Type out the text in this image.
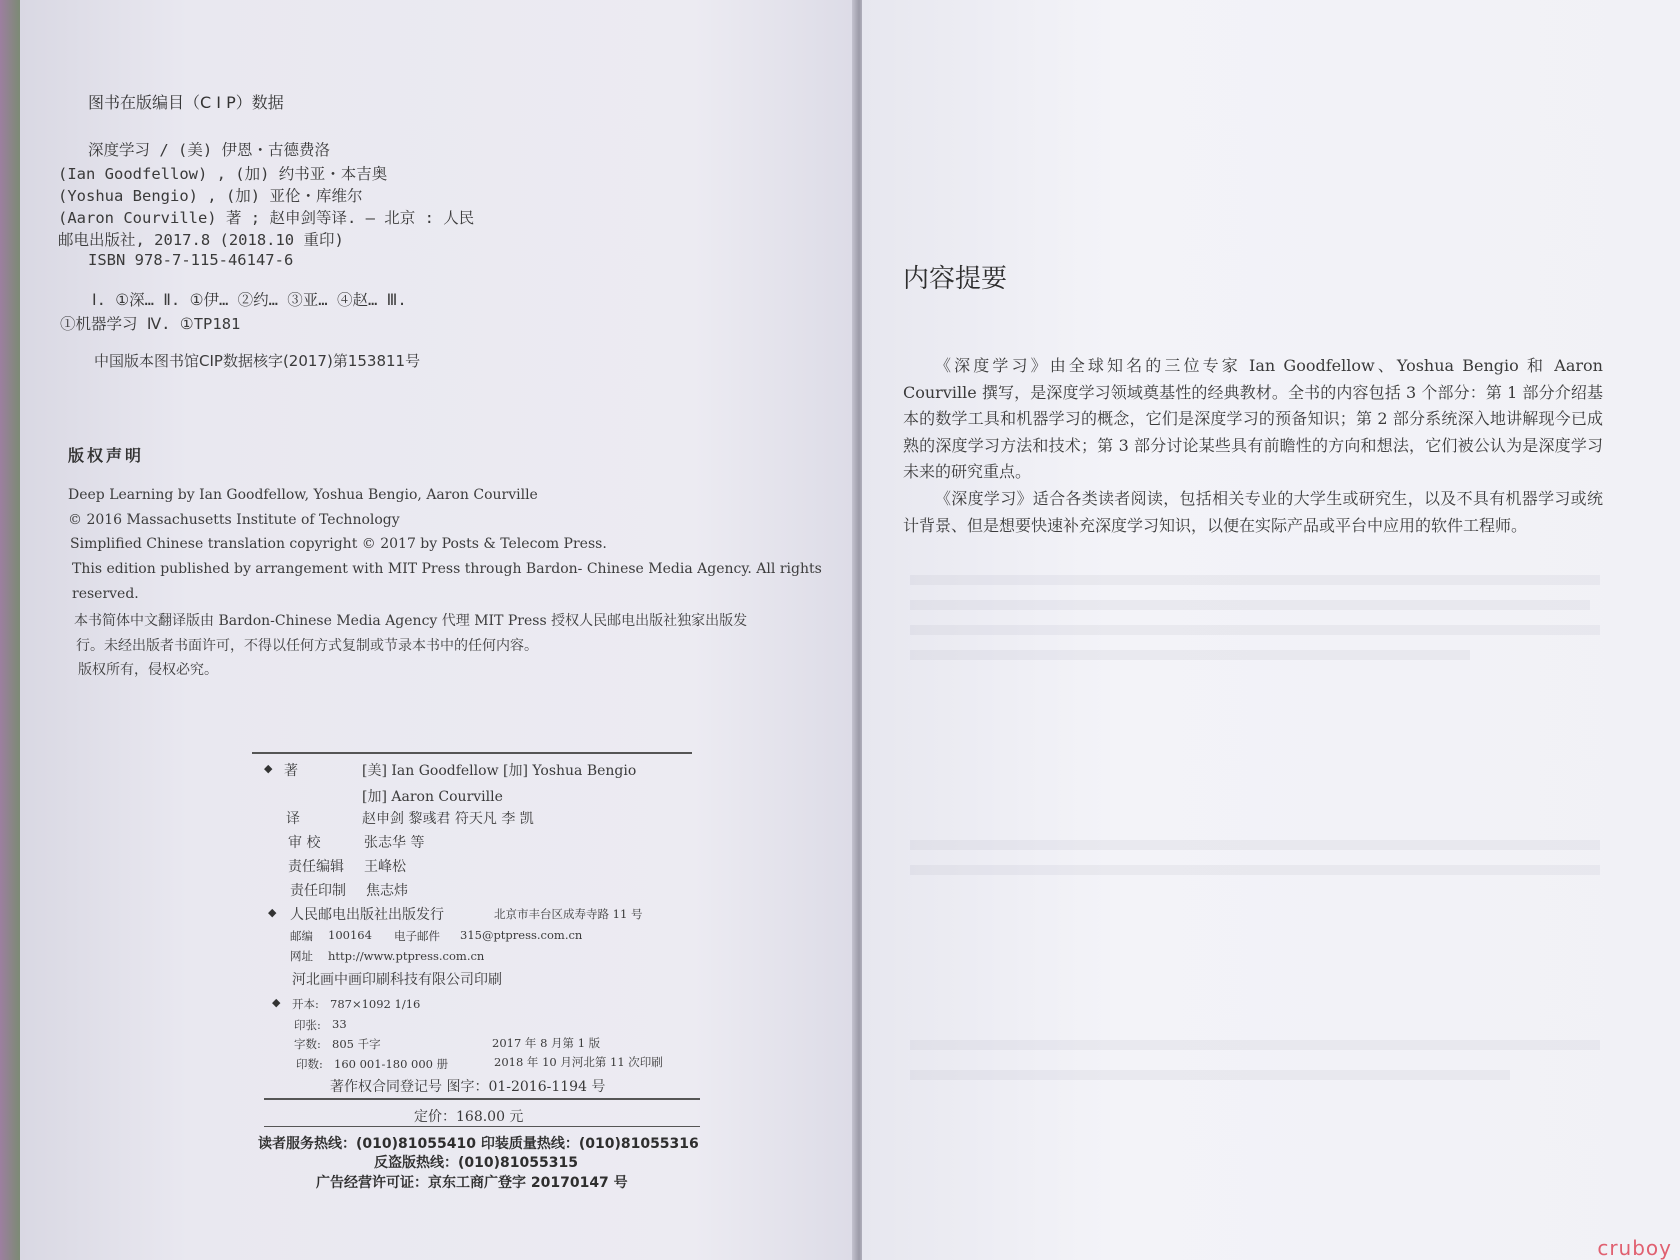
图书在版编目（C I P）数据

深度学习 / (美) 伊恩・古德费洛

(Ian Goodfellow) , (加) 约书亚・本吉奥

(Yoshua Bengio) , (加) 亚伦・库维尔

(Aaron Courville) 著 ; 赵申剑等译. — 北京 : 人民

邮电出版社, 2017.8 (2018.10 重印)

ISBN 978-7-115-46147-6

Ⅰ. ①深… Ⅱ. ①伊… ②约… ③亚… ④赵… Ⅲ.

①机器学习 Ⅳ. ①TP181

中国版本图书馆CIP数据核字(2017)第153811号

版权声明

Deep Learning by Ian Goodfellow, Yoshua Bengio, Aaron Courville

© 2016 Massachusetts Institute of Technology

Simplified Chinese translation copyright © 2017 by Posts & Telecom Press.

This edition published by arrangement with MIT Press through Bardon- Chinese Media Agency. All rights

reserved.

本书简体中文翻译版由 Bardon-Chinese Media Agency 代理 MIT Press 授权人民邮电出版社独家出版发

行。未经出版者书面许可，不得以任何方式复制或节录本书中的任何内容。

版权所有，侵权必究。

◆ 著	[美] Ian Goodfellow [加] Yoshua Bengio

[加] Aaron Courville

译	赵申剑 黎彧君 符天凡 李 凯

审 校	张志华 等

责任编辑 王峰松

责任印制 焦志炜

◆ 人民邮电出版社出版发行	北京市丰台区成寿寺路 11 号

邮编 100164 电子邮件 315@ptpress.com.cn

网址 http://www.ptpress.com.cn

河北画中画印刷科技有限公司印刷

◆ 开本: 787×1092 1/16

印张: 33

字数: 805 千字	2017 年 8 月第 1 版

印数: 160 001-180 000 册	2018 年 10 月河北第 11 次印刷

著作权合同登记号 图字：01-2016-1194 号

定价：168.00 元

读者服务热线：(010)81055410 印装质量热线：(010)81055316

反盗版热线：(010)81055315

广告经营许可证：京东工商广登字 20170147 号

内容提要

《深度学习》由全球知名的三位专家 Ian Goodfellow、Yoshua Bengio 和 Aaron Courville 撰写，是深度学习领域奠基性的经典教材。全书的内容包括 3 个部分：第 1 部分介绍基本的数学工具和机器学习的概念，它们是深度学习的预备知识；第 2 部分系统深入地讲解现今已成熟的深度学习方法和技术；第 3 部分讨论某些具有前瞻性的方向和想法，它们被公认为是深度学习未来的研究重点。

《深度学习》适合各类读者阅读，包括相关专业的大学生或研究生，以及不具有机器学习或统计背景、但是想要快速补充深度学习知识，以便在实际产品或平台中应用的软件工程师。

cruboy
